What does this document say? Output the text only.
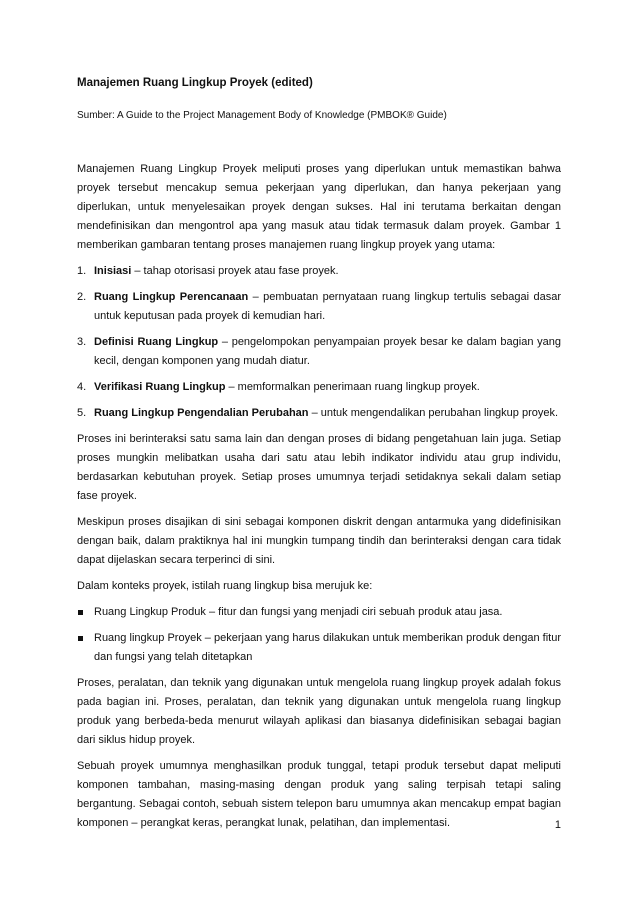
Manajemen Ruang Lingkup Proyek (edited)
Sumber: A Guide to the Project Management Body of Knowledge (PMBOK® Guide)

Manajemen Ruang Lingkup Proyek meliputi proses yang diperlukan untuk memastikan bahwa proyek tersebut mencakup semua pekerjaan yang diperlukan, dan hanya pekerjaan yang diperlukan, untuk menyelesaikan proyek dengan sukses. Hal ini terutama berkaitan dengan mendefinisikan dan mengontrol apa yang masuk atau tidak termasuk dalam proyek. Gambar 1 memberikan gambaran tentang proses manajemen ruang lingkup proyek yang utama:

1. Inisiasi – tahap otorisasi proyek atau fase proyek.
2. Ruang Lingkup Perencanaan – pembuatan pernyataan ruang lingkup tertulis sebagai dasar untuk keputusan pada proyek di kemudian hari.
3. Definisi Ruang Lingkup – pengelompokan penyampaian proyek besar ke dalam bagian yang kecil, dengan komponen yang mudah diatur.
4. Verifikasi Ruang Lingkup – memformalkan penerimaan ruang lingkup proyek.
5. Ruang Lingkup Pengendalian Perubahan – untuk mengendalikan perubahan lingkup proyek.

Proses ini berinteraksi satu sama lain dan dengan proses di bidang pengetahuan lain juga. Setiap proses mungkin melibatkan usaha dari satu atau lebih indikator individu atau grup individu, berdasarkan kebutuhan proyek. Setiap proses umumnya terjadi setidaknya sekali dalam setiap fase proyek.

Meskipun proses disajikan di sini sebagai komponen diskrit dengan antarmuka yang didefinisikan dengan baik, dalam praktiknya hal ini mungkin tumpang tindih dan berinteraksi dengan cara tidak dapat dijelaskan secara terperinci di sini.

Dalam konteks proyek, istilah ruang lingkup bisa merujuk ke:

Ruang Lingkup Produk – fitur dan fungsi yang menjadi ciri sebuah produk atau jasa.
Ruang lingkup Proyek – pekerjaan yang harus dilakukan untuk memberikan produk dengan fitur dan fungsi yang telah ditetapkan

Proses, peralatan, dan teknik yang digunakan untuk mengelola ruang lingkup proyek adalah fokus pada bagian ini. Proses, peralatan, dan teknik yang digunakan untuk mengelola ruang lingkup produk yang berbeda-beda menurut wilayah aplikasi dan biasanya didefinisikan sebagai bagian dari siklus hidup proyek.

Sebuah proyek umumnya menghasilkan produk tunggal, tetapi produk tersebut dapat meliputi komponen tambahan, masing-masing dengan produk yang saling terpisah tetapi saling bergantung. Sebagai contoh, sebuah sistem telepon baru umumnya akan mencakup empat bagian komponen – perangkat keras, perangkat lunak, pelatihan, dan implementasi.	1
